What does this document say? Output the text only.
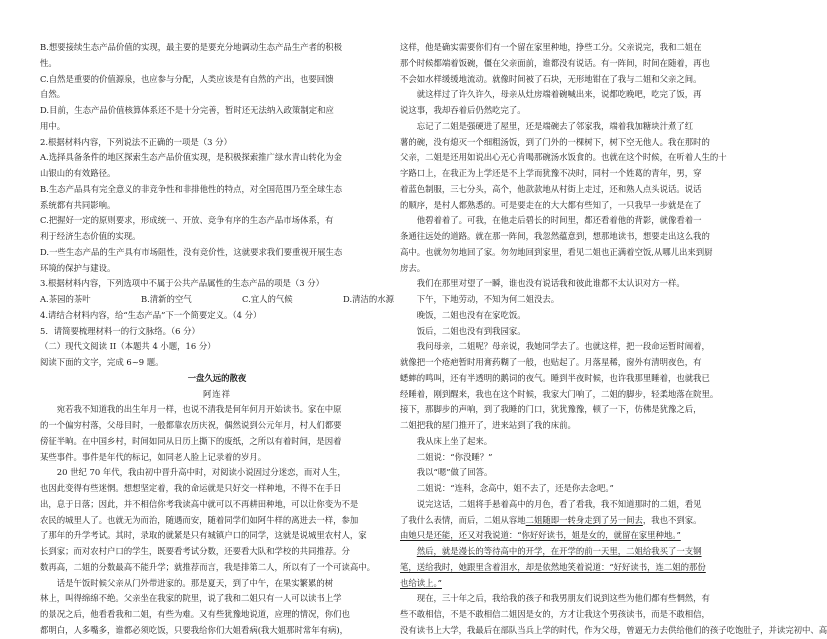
B.想要接续生态产品价值的实现，最主要的是要充分地调动生态产品生产者的积极

性。

C.自然是重要的价值源泉，也应参与分配，人类应该是有自然的产出，也要回馈

自然。

D.目前，生态产品价值核算体系还不是十分完善，暂时还无法纳入政策制定和应

用中。

2.根据材料内容，下列说法不正确的一项是（3 分）

A.选择具备条件的地区探索生态产品价值实现，是积极探索推广绿水青山转化为金

山银山的有效路径。

B.生态产品具有完全意义的非竞争性和非排他性的特点，对全国范围乃至全球生态

系统都有共同影响。

C.把握好一定的原则要求，形成统一、开放、竞争有序的生态产品市场体系，有

利于经济生态价值的实现。

D.一些生态产品的生产具有市场阻性，没有竞价性，这就要求我们要重视开展生态

环境的保护与建设。

3.根据材料内容，下列选项中不属于公共产品属性的生态产品的项是（3 分）

A.茶园的茶叶	B.清新的空气	C.宜人的气候	D.清洁的水源

4.请结合材料内容，给“生态产品”下一个简要定义。（4 分）

5．请简要梳理材料一的行文脉络。（6 分）

（二）现代文阅读 II（本题共 4 小题，16 分）

阅读下面的文字，完成 6~9 题。

一盘久远的散夜

阿连祥

宛若我不知道我的出生年月一样，也说不清我是何年何月开始读书。家在中原

的一个偏穷村落，父母目时，一般都靠农历庆祝，偶然说到公元年月，村人们都要

傍征半晌。在中国乡村，时间如同从日历上撕下的废纸，之所以有着时间，是因着

某些事件。事件是年代的标记，如同老人脸上记录着的岁月。

20 世纪 70 年代，我由初中晋升高中时，对阅读小说固过分迷恋，而对人生，

也因此变得有些迷惘。想想坚定着，我的命运就是只好交一样种地，不得不在手日

出，息于日落；因此，并不相信你考我读高中就可以不再耕田种地，可以让你变为不是

农民的城里人了。也就无为而治，随遇而安，随着同学们如阿牛样的离进去一样，参加

了那年的升学考试。其时，录取的就紧是只有城镇户口的同学，这就是说城里农村人，家

长到家；而对农村户口的学生，既要看考试分数，还要看大队和学校的共同推荐。分

数再高，二姐的分数最高不能升学；就推荐而言，我是排第二人，所以有了一个可读高中。

话是午饭时候父亲从门外带进家的。那是夏天，到了中午，在果实繁累的树

林上，叫得绵绵不绝。父亲坐在我家的院里，说了我和二姐只有一人可以读书上学

的景况之后，他看看我和二姐，有些为难。又有些犹豫地说道，应理的情况，你们也

都明白，人多嘴多，谁都必须吃饭，只要我给你们大姐看病(我大姐那时常年有病)，

这样，他是确实需要你们有一个留在家里种地，挣些工分。父亲说完，我和二姐在

那个时候都端着饭碗，僵在父亲面前，谁都没有说话。有一阵间，时间在随着，再也

不会如水样缓缓地流动。就像时间被了石块，无形地钳在了我与二姐和父亲之间。

就这样过了许久许久，母亲从灶房端着碗喊出来，说都吃晚吧，吃完了饭，再

说这事，我却吞着后仍然吃完了。

忘记了二姐是强硬进了屋里，还是端碗去了邻家我，端着我加糖块汁煮了红

薯的碗，没有熄灭一个细粗汤饭，到了门外的一棵树下，树下空无他人。我在那时的

父亲，二姐是还用如说出心无心肯喝那碗汤水饭食的。也就在这个时候，在听着人生的十

字路口上，在我正为上学还是不上学而犹豫不决时，同村一个姓葛的青年，男，穿

着蓝色制服，三七分头，高个，他款款地从村街上走过，还和熟人点头说话。说话

的顺序，是村人都熟悉的。可是要走在的大大都有些知了，一只我早一步就是在了

他碧着着了。可我，在他走后碧长的时间里，都还看着他的背影，就像看着一

条通往远处的道路。就在那一阵间，我忽然蕴意到，想那地读书，想要走出这么我的

高中。也就勿勿地回了家。勿勿地回到家里，看见二姐也正满着空饭,从哪儿出来到厨

房去。

我们在那里对望了一瞬，谁也没有说话我和彼此谁都不太认识对方一样。

下午，下地劳动，不知为何二姐没去。

晚饭，二姐也没有在家吃饭。

饭后，二姐也没有到我园家。

我问母亲，二姐呢？母亲说，我她同学去了。也就这样，把一段命运暂时闹着，

就像把一个疮疤暂时用膏药糊了一般，也贴起了。月落星稀，窗外有清明夜色，有

蟋蟀的鸣叫，还有半透明的鹅词的夜气。睡到半夜时候，也许我那里睡着，也就我已

经睡着，刚到醒来，我也在这个时候，我家大门响了，二姐的脚步，轻柔地落在院里。

接下，那脚步的声响，到了我睡的门口，犹犹豫豫，顿了一下，仿佛是犹豫之后，

二姐把我的屋门推开了，进来站到了我的床前。

我从床上坐了起来。

二姐说：“你没睡？”

我以“嗯”做了回答。

二姐说：“连科，念高中，姐不去了，还是你去念吧。”

说完这话，二姐将手悬着高中的月色，看了看我，我不知道那时的二姐，看见

了我什么表情，而后，二姐从容地二姐随即一转身走到了另一间去，我也不到家。

由她只是还能，还又对我说道：“你好好读书，姐是女的，就留在家里种地。”

然后，就是漫长的等待高中的开学，在开学的前一天里，二姐给我买了一支钢

笔，送给我时，她跟里含着泪水，却是依然地笑着说道：“好好读书，连二姐的那份

也给读上。”

现在，三十年之后，我给我的孩子和我男朋友们说到这些为他们都有些惘然，有

些不敢相信，不是不敢相信二姐因是女的，方才让我这个男孩读书，而是不敢相信，

没有读书上大学，我最后在部队当兵上学的时代，作为父母，曾逼无力去供给他们的孩子吃饱肚子，并读完初中、高
